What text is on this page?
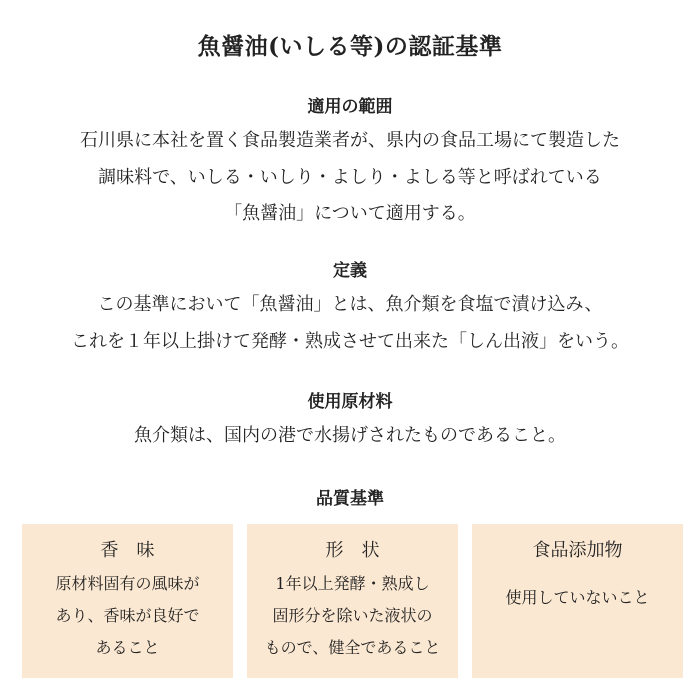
魚醤油(いしる等)の認証基準
適用の範囲
石川県に本社を置く食品製造業者が、県内の食品工場にて製造した
調味料で、いしる・いしり・よしり・よしる等と呼ばれている
「魚醤油」について適用する。
定義
この基準において「魚醤油」とは、魚介類を食塩で漬け込み、
これを１年以上掛けて発酵・熟成させて出来た「しん出液」をいう。
使用原材料
魚介類は、国内の港で水揚げされたものであること。
品質基準
香　味
原材料固有の風味が
あり、香味が良好で
あること
形　状
1年以上発酵・熟成し
固形分を除いた液状の
もので、健全であること
食品添加物
使用していないこと
